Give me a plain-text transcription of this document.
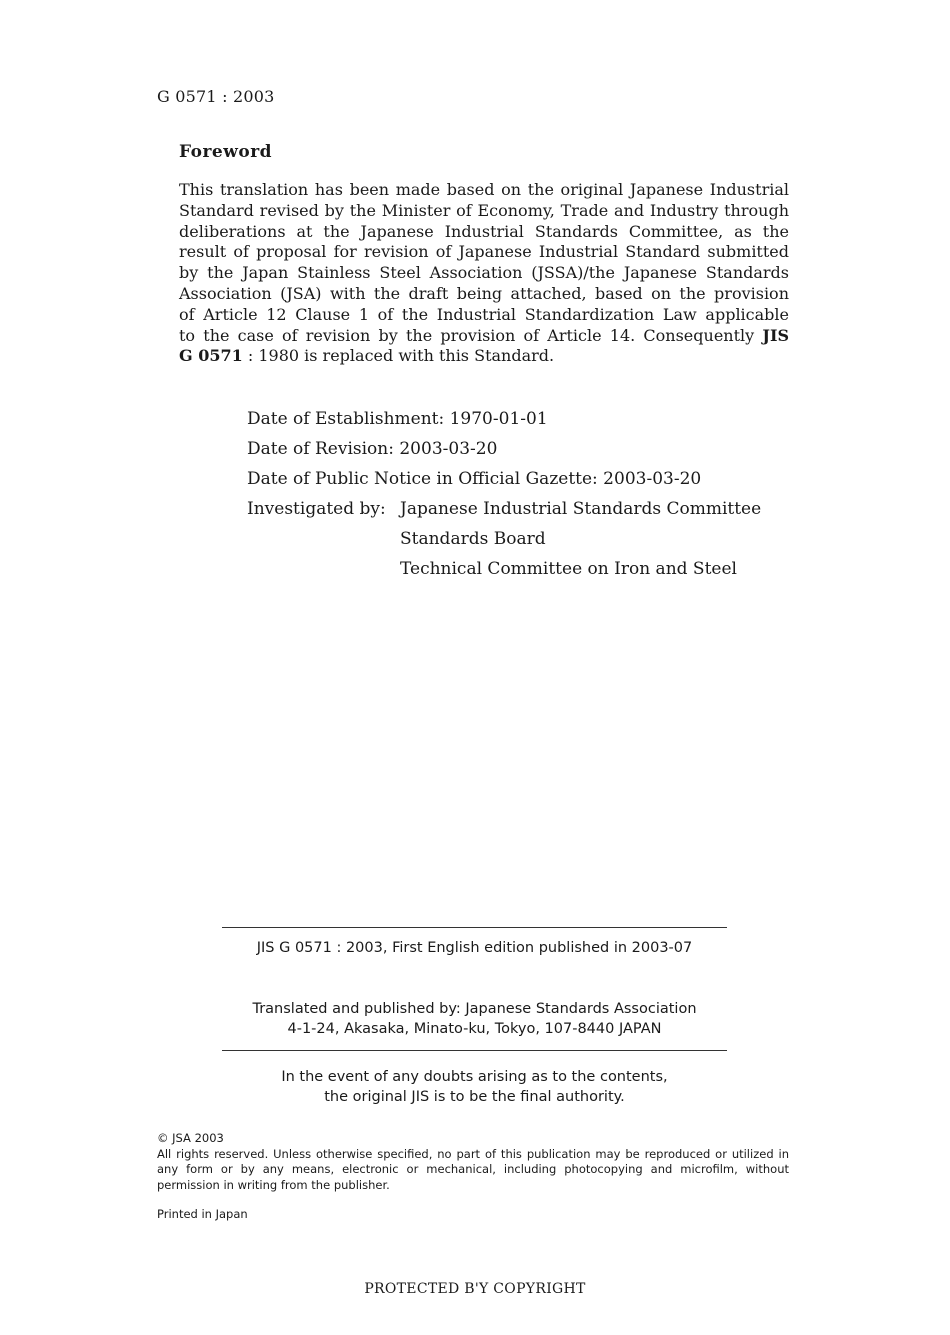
G 0571 : 2003
Foreword
This translation has been made based on the original Japanese Industrial
Standard revised by the Minister of Economy, Trade and Industry through
deliberations at the Japanese Industrial Standards Committee, as the
result of proposal for revision of Japanese Industrial Standard submitted
by the Japan Stainless Steel Association (JSSA)/the Japanese Standards
Association (JSA) with the draft being attached, based on the provision
of Article 12 Clause 1 of the Industrial Standardization Law applicable
to the case of revision by the provision of Article 14. Consequently JIS
G 0571 : 1980 is replaced with this Standard.
Date of Establishment: 1970-01-01
Date of Revision: 2003-03-20
Date of Public Notice in Official Gazette: 2003-03-20
Investigated by: Japanese Industrial Standards Committee
Standards Board
Technical Committee on Iron and Steel
JIS G 0571 : 2003, First English edition published in 2003-07
Translated and published by: Japanese Standards Association
4-1-24, Akasaka, Minato-ku, Tokyo, 107-8440 JAPAN
In the event of any doubts arising as to the contents,
the original JIS is to be the final authority.
© JSA 2003
All rights reserved. Unless otherwise specified, no part of this publication may be reproduced or utilized in any form or by any means, electronic or mechanical, including photocopying and microfilm, without permission in writing from the publisher.
Printed in Japan
PROTECTED B'Y COPYRIGHT
